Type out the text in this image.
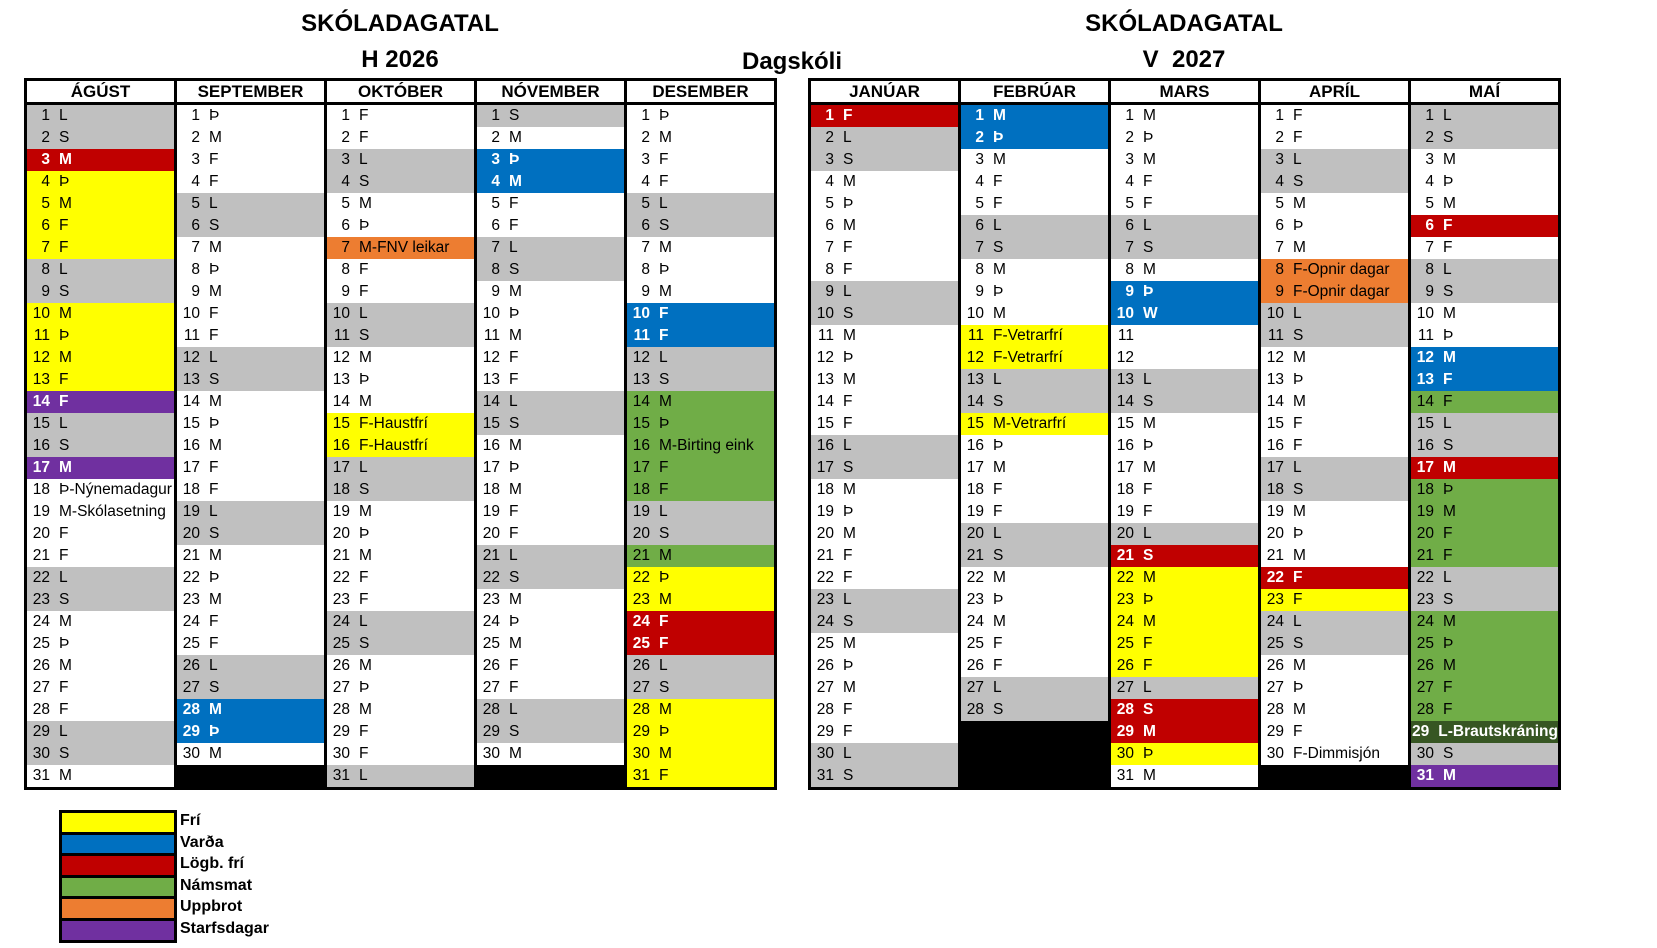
SKÓLADAGATAL
H 2026	Dagskóli
SKÓLADAGATAL
V  2027
ÁGÚST
1 L
2 S
3 M
4 Þ
5 M
6 F
7 F
8 L
9 S
10 M
11 Þ
12 M
13 F
14 F
15 L
16 S
17 M
18 Þ-Nýnemadagur
19 M-Skólasetning
20 F
21 F
22 L
23 S
24 M
25 Þ
26 M
27 F
28 F
29 L
30 S
31 M
SEPTEMBER
1 Þ
2 M
3 F
4 F
5 L
6 S
7 M
8 Þ
9 M
10 F
11 F
12 L
13 S
14 M
15 Þ
16 M
17 F
18 F
19 L
20 S
21 M
22 Þ
23 M
24 F
25 F
26 L
27 S
28 M
29 Þ
30 M
OKTÓBER
1 F
2 F
3 L
4 S
5 M
6 Þ
7 M-FNV leikar
8 F
9 F
10 L
11 S
12 M
13 Þ
14 M
15 F-Haustfrí
16 F-Haustfrí
17 L
18 S
19 M
20 Þ
21 M
22 F
23 F
24 L
25 S
26 M
27 Þ
28 M
29 F
30 F
31 L
NÓVEMBER
1 S
2 M
3 Þ
4 M
5 F
6 F
7 L
8 S
9 M
10 Þ
11 M
12 F
13 F
14 L
15 S
16 M
17 Þ
18 M
19 F
20 F
21 L
22 S
23 M
24 Þ
25 M
26 F
27 F
28 L
29 S
30 M
DESEMBER
1 Þ
2 M
3 F
4 F
5 L
6 S
7 M
8 Þ
9 M
10 F
11 F
12 L
13 S
14 M
15 Þ
16 M-Birting eink
17 F
18 F
19 L
20 S
21 M
22 Þ
23 M
24 F
25 F
26 L
27 S
28 M
29 Þ
30 M
31 F
JANÚAR
1 F
2 L
3 S
4 M
5 Þ
6 M
7 F
8 F
9 L
10 S
11 M
12 Þ
13 M
14 F
15 F
16 L
17 S
18 M
19 Þ
20 M
21 F
22 F
23 L
24 S
25 M
26 Þ
27 M
28 F
29 F
30 L
31 S
FEBRÚAR
1 M
2 Þ
3 M
4 F
5 F
6 L
7 S
8 M
9 Þ
10 M
11 F-Vetrarfrí
12 F-Vetrarfrí
13 L
14 S
15 M-Vetrarfrí
16 Þ
17 M
18 F
19 F
20 L
21 S
22 M
23 Þ
24 M
25 F
26 F
27 L
28 S
MARS
1 M
2 Þ
3 M
4 F
5 F
6 L
7 S
8 M
9 Þ
10 W
11
12
13 L
14 S
15 M
16 Þ
17 M
18 F
19 F
20 L
21 S
22 M
23 Þ
24 M
25 F
26 F
27 L
28 S
29 M
30 Þ
31 M
APRÍL
1 F
2 F
3 L
4 S
5 M
6 Þ
7 M
8 F-Opnir dagar
9 F-Opnir dagar
10 L
11 S
12 M
13 Þ
14 M
15 F
16 F
17 L
18 S
19 M
20 Þ
21 M
22 F
23 F
24 L
25 S
26 M
27 Þ
28 M
29 F
30 F-Dimmisjón
MAÍ
1 L
2 S
3 M
4 Þ
5 M
6 F
7 F
8 L
9 S
10 M
11 Þ
12 M
13 F
14 F
15 L
16 S
17 M
18 Þ
19 M
20 F
21 F
22 L
23 S
24 M
25 Þ
26 M
27 F
28 F
29 L-Brautskráning
30 S
31 M
Frí
Varða
Lögb. frí
Námsmat
Uppbrot
Starfsdagar
